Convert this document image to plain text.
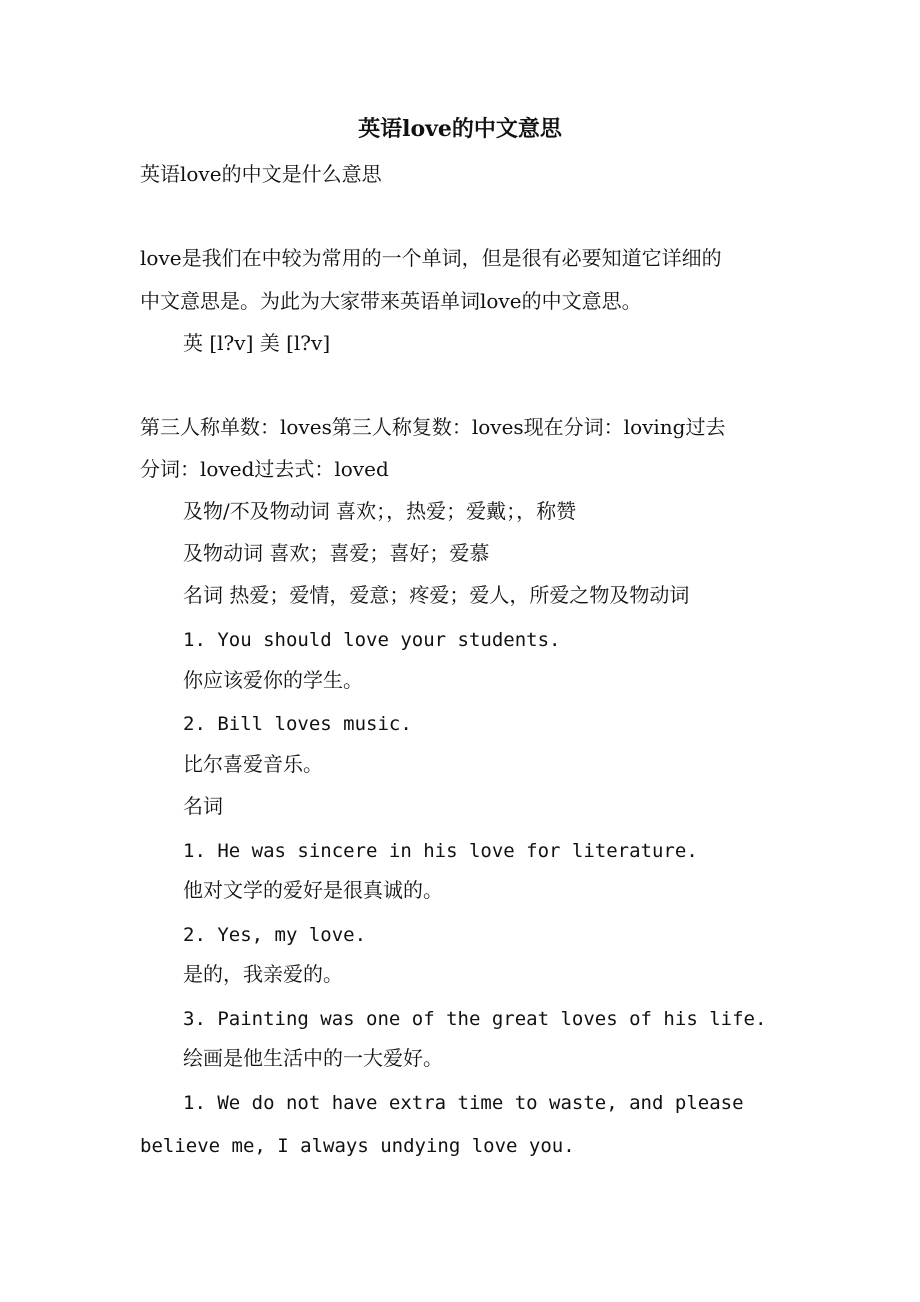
英语love的中文意思
英语love的中文是什么意思
love是我们在中较为常用的一个单词，但是很有必要知道它详细的
中文意思是。为此为大家带来英语单词love的中文意思。
英 [l?v] 美 [l?v]
第三人称单数：loves第三人称复数：loves现在分词：loving过去
分词：loved过去式：loved
及物/不及物动词 喜欢；，热爱；爱戴；，称赞
及物动词 喜欢；喜爱；喜好；爱慕
名词 热爱；爱情，爱意；疼爱；爱人，所爱之物及物动词
1. You should love your students.
你应该爱你的学生。
2. Bill loves music.
比尔喜爱音乐。
名词
1. He was sincere in his love for literature.
他对文学的爱好是很真诚的。
2. Yes, my love.
是的，我亲爱的。
3. Painting was one of the great loves of his life.
绘画是他生活中的一大爱好。
1. We do not have extra time to waste, and please
believe me, I always undying love you.
